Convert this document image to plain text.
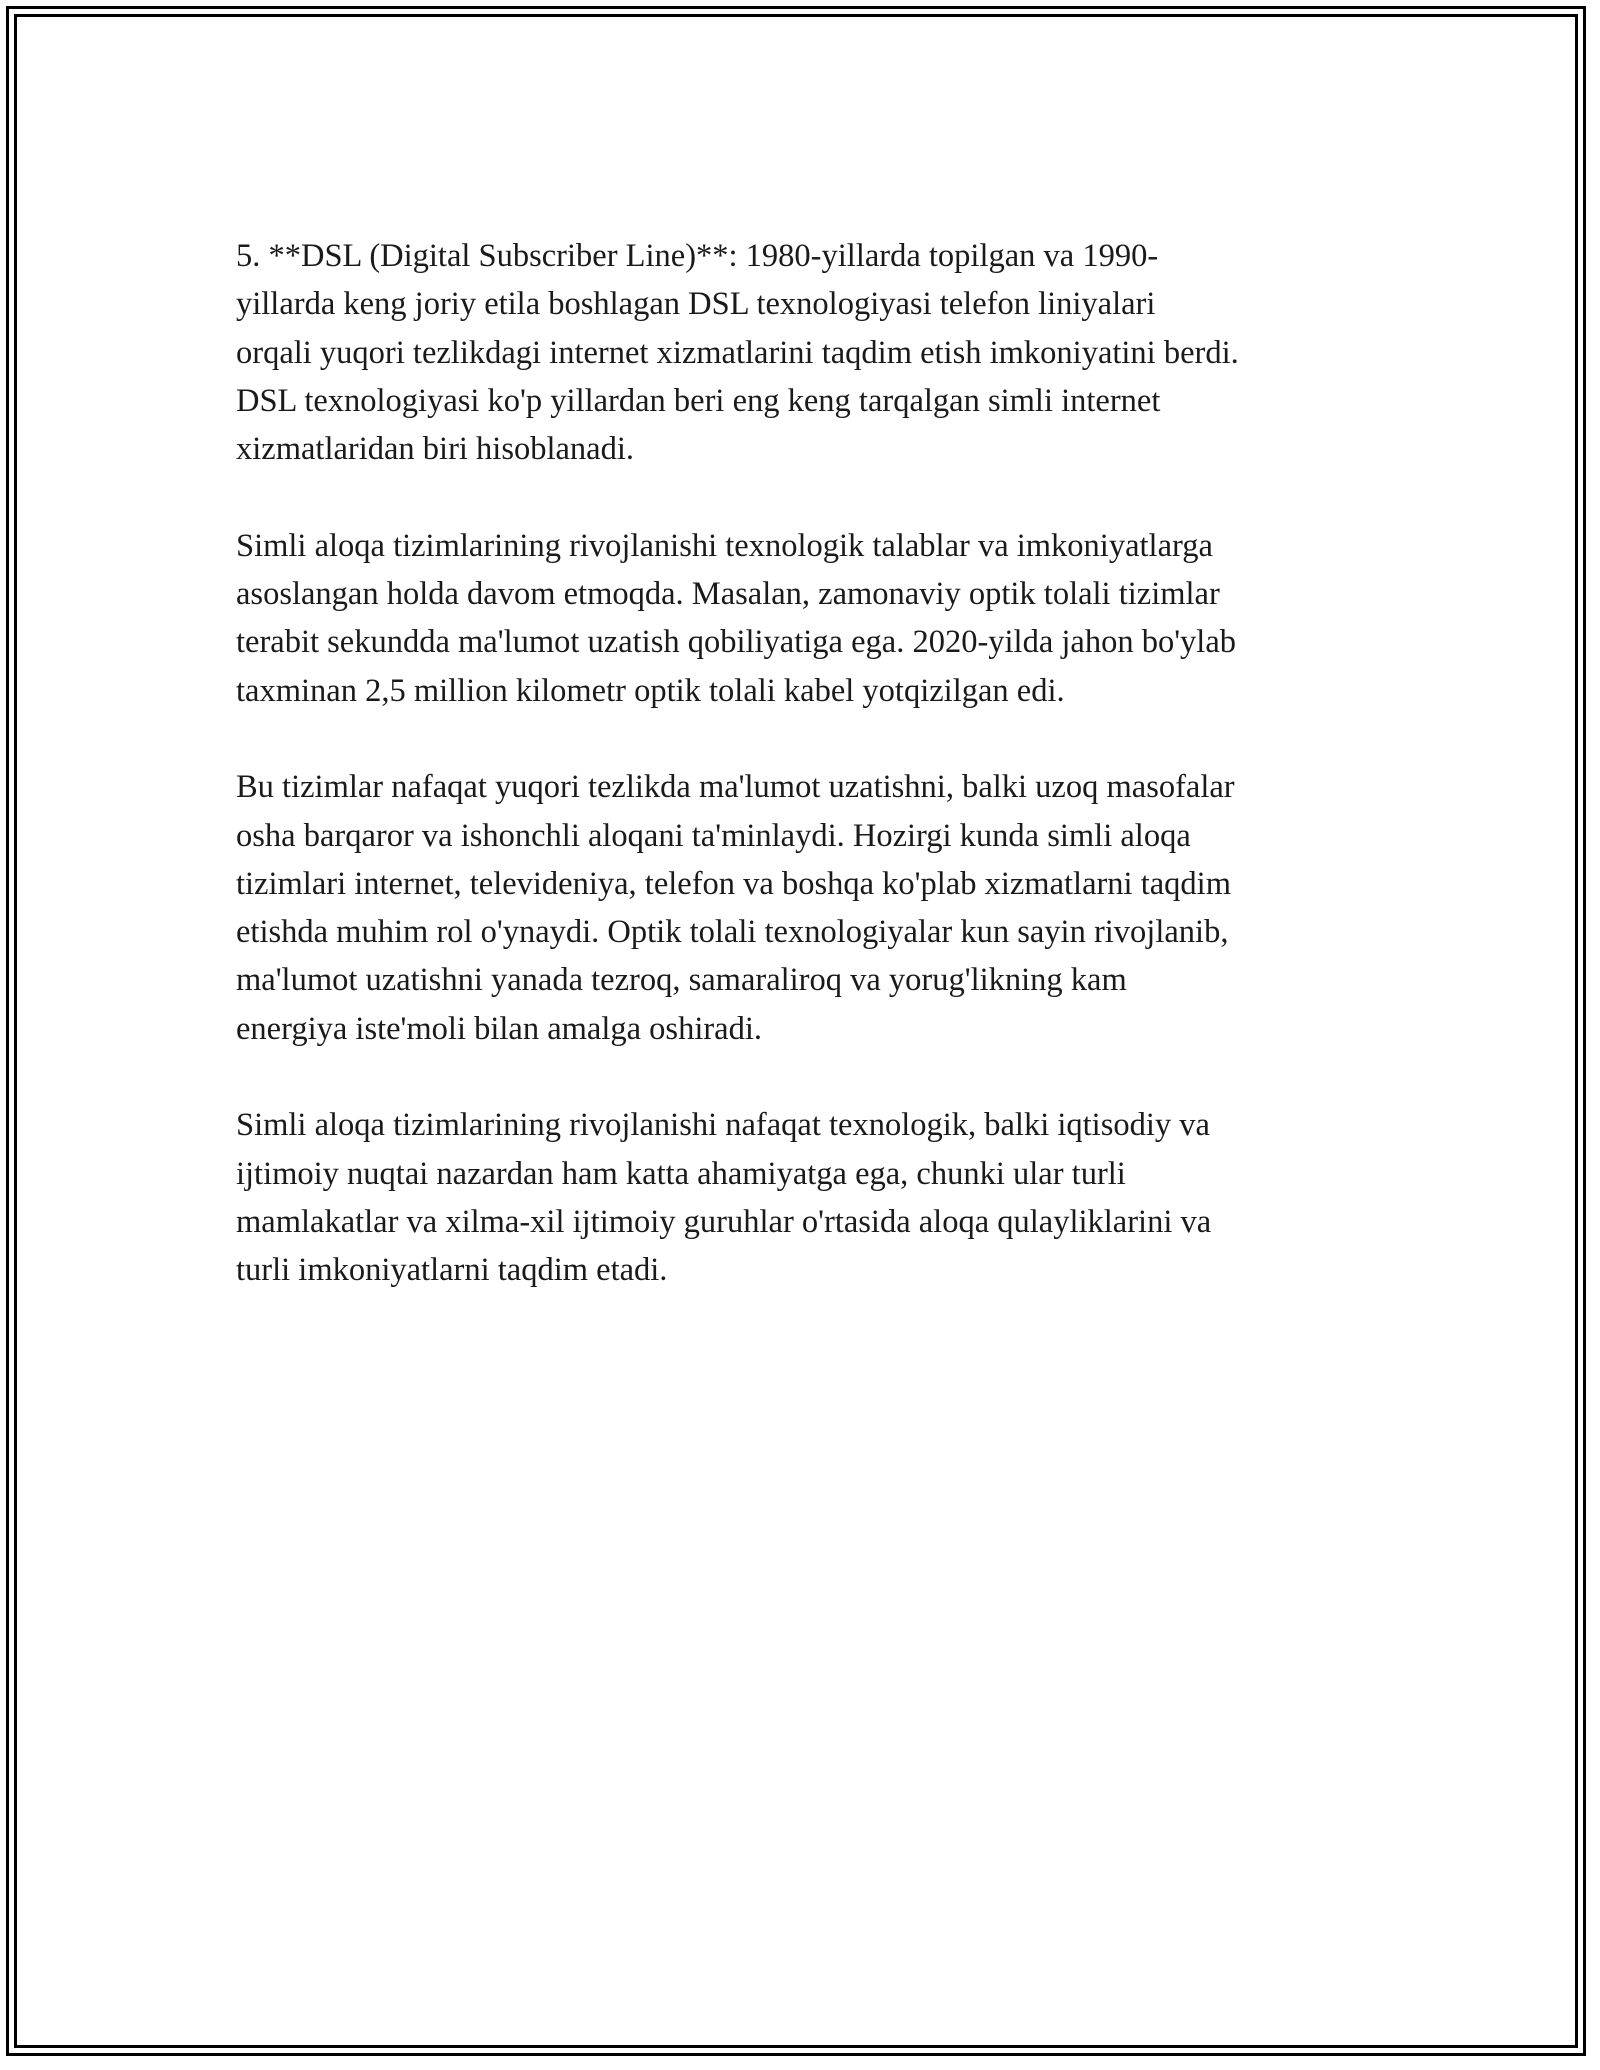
5. **DSL (Digital Subscriber Line)**: 1980-yillarda topilgan va 1990-
yillarda keng joriy etila boshlagan DSL texnologiyasi telefon liniyalari
orqali yuqori tezlikdagi internet xizmatlarini taqdim etish imkoniyatini berdi.
DSL texnologiyasi ko'p yillardan beri eng keng tarqalgan simli internet
xizmatlaridan biri hisoblanadi.

Simli aloqa tizimlarining rivojlanishi texnologik talablar va imkoniyatlarga
asoslangan holda davom etmoqda. Masalan, zamonaviy optik tolali tizimlar
terabit sekundda ma'lumot uzatish qobiliyatiga ega. 2020-yilda jahon bo'ylab
taxminan 2,5 million kilometr optik tolali kabel yotqizilgan edi.

Bu tizimlar nafaqat yuqori tezlikda ma'lumot uzatishni, balki uzoq masofalar
osha barqaror va ishonchli aloqani ta'minlaydi. Hozirgi kunda simli aloqa
tizimlari internet, televideniya, telefon va boshqa ko'plab xizmatlarni taqdim
etishda muhim rol o'ynaydi. Optik tolali texnologiyalar kun sayin rivojlanib,
ma'lumot uzatishni yanada tezroq, samaraliroq va yorug'likning kam
energiya iste'moli bilan amalga oshiradi.

Simli aloqa tizimlarining rivojlanishi nafaqat texnologik, balki iqtisodiy va
ijtimoiy nuqtai nazardan ham katta ahamiyatga ega, chunki ular turli
mamlakatlar va xilma-xil ijtimoiy guruhlar o'rtasida aloqa qulayliklarini va
turli imkoniyatlarni taqdim etadi.
